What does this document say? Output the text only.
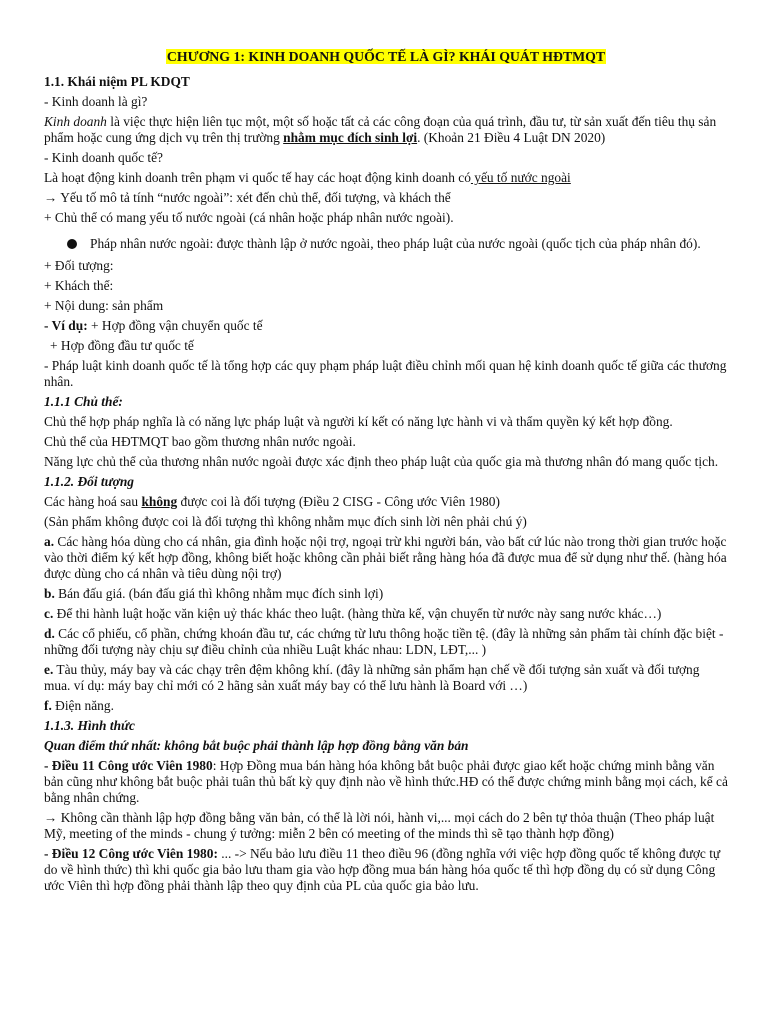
CHƯƠNG 1: KINH DOANH QUỐC TẾ LÀ GÌ? KHÁI QUÁT HĐTMQT

1.1. Khái niệm PL KDQT

- Kinh doanh là gì?

Kinh doanh là việc thực hiện liên tục một, một số hoặc tất cả các công đoạn của quá trình, đầu tư, từ sản xuất đến tiêu thụ sản phẩm hoặc cung ứng dịch vụ trên thị trường nhằm mục đích sinh lợi. (Khoản 21 Điều 4 Luật DN 2020)

- Kinh doanh quốc tế?

Là hoạt động kinh doanh trên phạm vi quốc tế hay các hoạt động kinh doanh có yếu tố nước ngoài

→ Yếu tố mô tả tính “nước ngoài”: xét đến chủ thể, đối tượng, và khách thể

+ Chủ thể có mang yếu tố nước ngoài (cá nhân hoặc pháp nhân nước ngoài).

Pháp nhân nước ngoài: được thành lập ở nước ngoài, theo pháp luật của nước ngoài (quốc tịch của pháp nhân đó).

+ Đối tượng:

+ Khách thể:

+ Nội dung: sản phẩm

- Ví dụ: + Hợp đồng vận chuyển quốc tế

+ Hợp đồng đầu tư quốc tế

- Pháp luật kinh doanh quốc tế là tổng hợp các quy phạm pháp luật điều chỉnh mối quan hệ kinh doanh quốc tế giữa các thương nhân.

1.1.1 Chủ thể:

Chủ thể hợp pháp nghĩa là có năng lực pháp luật và người kí kết có năng lực hành vi và thẩm quyền ký kết hợp đồng.

Chủ thể của HĐTMQT bao gồm thương nhân nước ngoài.

Năng lực chủ thể của thương nhân nước ngoài được xác định theo pháp luật của quốc gia mà thương nhân đó mang quốc tịch.

1.1.2. Đối tượng

Các hàng hoá sau không được coi là đối tượng (Điều 2 CISG - Công ước Viên 1980)

(Sản phẩm không được coi là đối tượng thì không nhằm mục đích sinh lời nên phải chú ý)

a. Các hàng hóa dùng cho cá nhân, gia đình hoặc nội trợ, ngoại trừ khi người bán, vào bất cứ lúc nào trong thời gian trước hoặc vào thời điểm ký kết hợp đồng, không biết hoặc không cần phải biết rằng hàng hóa đã được mua để sử dụng như thế. (hàng hóa được dùng cho cá nhân và tiêu dùng nội trợ)

b. Bán đấu giá. (bán đấu giá thì không nhằm mục đích sinh lợi)

c. Để thi hành luật hoặc văn kiện uỷ thác khác theo luật. (hàng thừa kế, vận chuyển từ nước này sang nước khác…)

d. Các cổ phiếu, cổ phần, chứng khoán đầu tư, các chứng từ lưu thông hoặc tiền tệ. (đây là những sản phẩm tài chính đặc biệt - những đối tượng này chịu sự điều chỉnh của nhiều Luật khác nhau: LDN, LĐT,... )

e. Tàu thủy, máy bay và các chạy trên đệm không khí. (đây là những sản phẩm hạn chế về đối tượng sản xuất và đối tượng mua. ví dụ: máy bay chỉ mới có 2 hãng sản xuất máy bay có thể lưu hành là Board với …)

f. Điện năng.

1.1.3. Hình thức

Quan điểm thứ nhất: không bắt buộc phải thành lập hợp đồng bằng văn bản

- Điều 11 Công ước Viên 1980: Hợp Đồng mua bán hàng hóa không bắt buộc phải được giao kết hoặc chứng minh bằng văn bản cũng như không bắt buộc phải tuân thủ bất kỳ quy định nào về hình thức.HĐ có thể được chứng minh bằng mọi cách, kể cả bằng nhân chứng.

→ Không cần thành lập hợp đồng bằng văn bản, có thể là lời nói, hành vi,... mọi cách do 2 bên tự thỏa thuận (Theo pháp luật Mỹ, meeting of the minds - chung ý tưởng: miễn 2 bên có meeting of the minds thì sẽ tạo thành hợp đồng)

- Điều 12 Công ước Viên 1980: ... -> Nếu bảo lưu điều 11 theo điều 96 (đồng nghĩa với việc hợp đồng quốc tế không được tự do về hình thức) thì khi quốc gia bảo lưu tham gia vào hợp đồng mua bán hàng hóa quốc tế thì hợp đồng dụ có sử dụng Công ước Viên thì hợp đồng phải thành lập theo quy định của PL của quốc gia bảo lưu.
